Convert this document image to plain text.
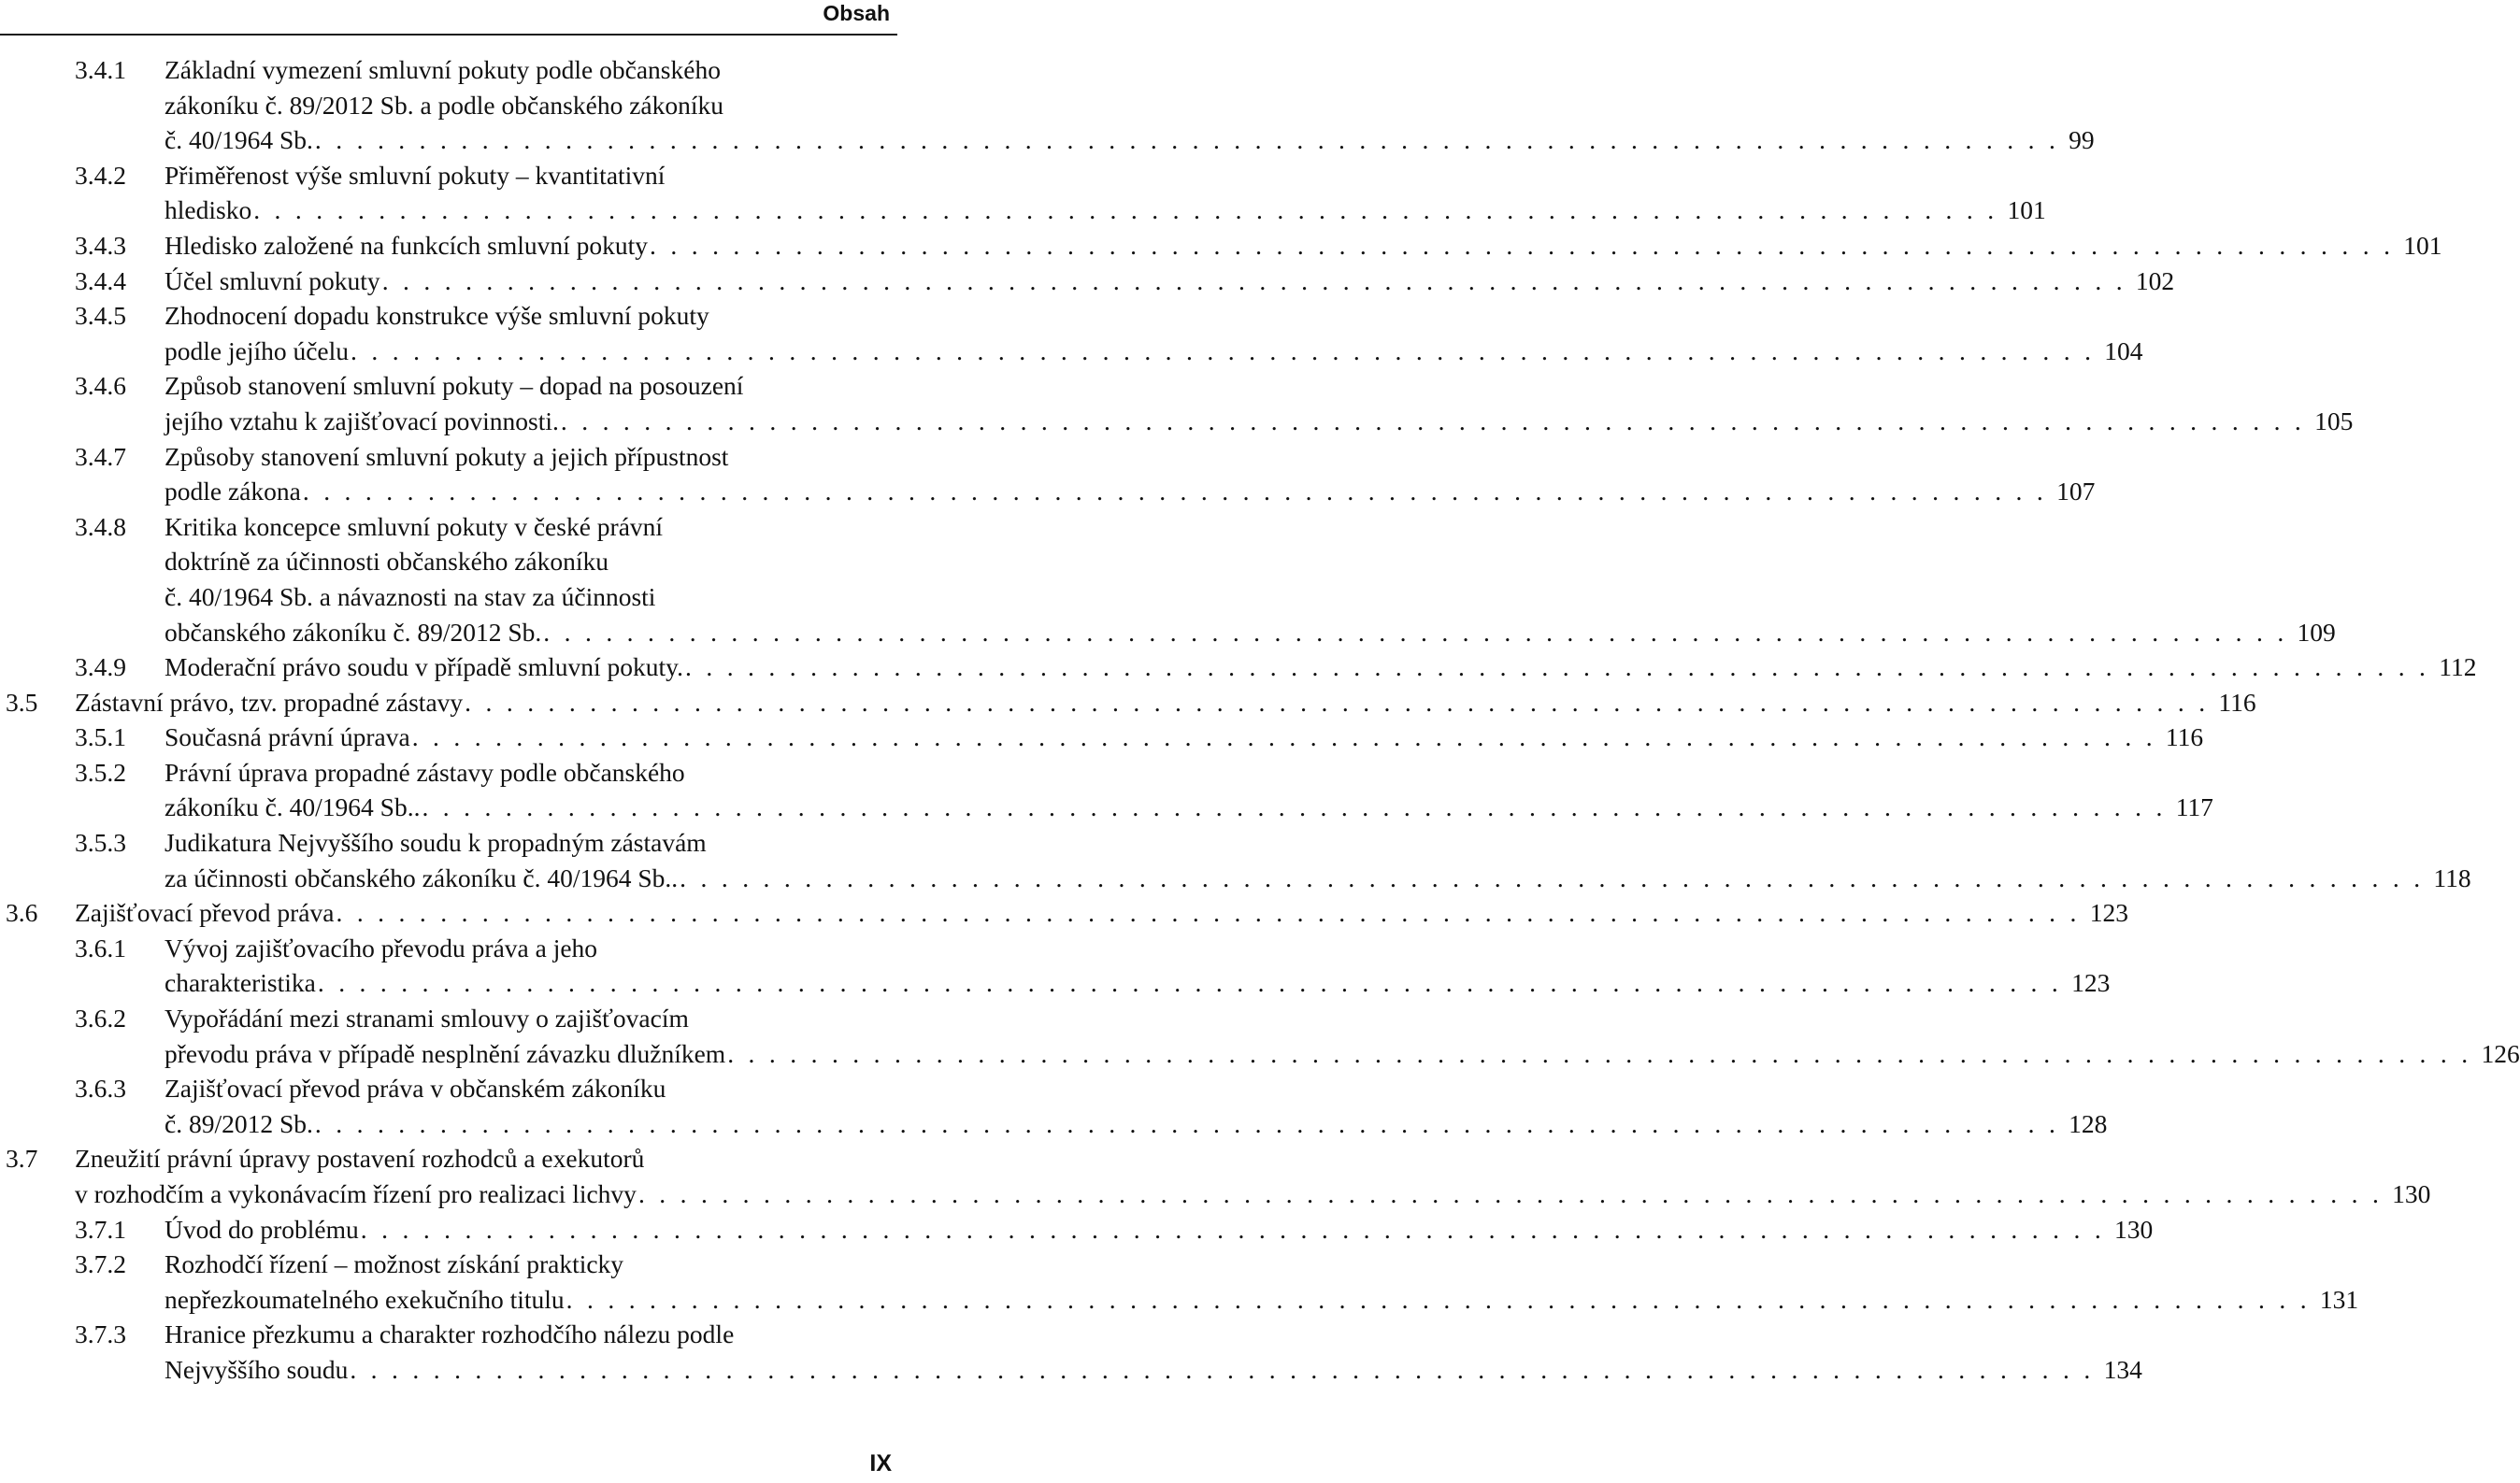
Obsah
3.4.1 Základní vymezení smluvní pokuty podle občanského
zákoníku č. 89/2012 Sb. a podle občanského zákoníku
č. 40/1964 Sb. . . . . . . . . . . . . . . . . . . . . . . . . . . . . . . . . . . . . . . . . . . . . . . . . . . . . . . . . . . . . . . . . . . . . . . . . . . . . . . . . . . . . 99
3.4.2 Přiměřenost výše smluvní pokuty – kvantitativní
hledisko . . . . . . . . . . . . . . . . . . . . . . . . . . . . . . . . . . . . . . . . . . . . . . . . . . . . . . . . . . . . . . . . . . . . . . . . . . . . . . . . . . . . 101
3.4.3 Hledisko založené na funkcích smluvní pokuty . . . . . . . . . . . . . . . . . . . . . . . . . . . . . . . . . . . . . . . . . . . . . . . . . . . . . . . . . . . . . . . . . . . . . . . . . . . . . . . . . . . . 101
3.4.4 Účel smluvní pokuty . . . . . . . . . . . . . . . . . . . . . . . . . . . . . . . . . . . . . . . . . . . . . . . . . . . . . . . . . . . . . . . . . . . . . . . . . . . . . . . . . . . . 102
3.4.5 Zhodnocení dopadu konstrukce výše smluvní pokuty
podle jejího účelu . . . . . . . . . . . . . . . . . . . . . . . . . . . . . . . . . . . . . . . . . . . . . . . . . . . . . . . . . . . . . . . . . . . . . . . . . . . . . . . . . . . . 104
3.4.6 Způsob stanovení smluvní pokuty – dopad na posouzení
jejího vztahu k zajišťovací povinnosti. . . . . . . . . . . . . . . . . . . . . . . . . . . . . . . . . . . . . . . . . . . . . . . . . . . . . . . . . . . . . . . . . . . . . . . . . . . . . . . . . . . . . 105
3.4.7 Způsoby stanovení smluvní pokuty a jejich přípustnost
podle zákona . . . . . . . . . . . . . . . . . . . . . . . . . . . . . . . . . . . . . . . . . . . . . . . . . . . . . . . . . . . . . . . . . . . . . . . . . . . . . . . . . . . . 107
3.4.8 Kritika koncepce smluvní pokuty v české právní
doktríně za účinnosti občanského zákoníku
č. 40/1964 Sb. a návaznosti na stav za účinnosti
občanského zákoníku č. 89/2012 Sb. . . . . . . . . . . . . . . . . . . . . . . . . . . . . . . . . . . . . . . . . . . . . . . . . . . . . . . . . . . . . . . . . . . . . . . . . . . . . . . . . . . . . 109
3.4.9 Moderační právo soudu v případě smluvní pokuty. . . . . . . . . . . . . . . . . . . . . . . . . . . . . . . . . . . . . . . . . . . . . . . . . . . . . . . . . . . . . . . . . . . . . . . . . . . . . . . . . . . . . 112
3.5 Zástavní právo, tzv. propadné zástavy . . . . . . . . . . . . . . . . . . . . . . . . . . . . . . . . . . . . . . . . . . . . . . . . . . . . . . . . . . . . . . . . . . . . . . . . . . . . . . . . . . . . 116
3.5.1 Současná právní úprava . . . . . . . . . . . . . . . . . . . . . . . . . . . . . . . . . . . . . . . . . . . . . . . . . . . . . . . . . . . . . . . . . . . . . . . . . . . . . . . . . . . . 116
3.5.2 Právní úprava propadné zástavy podle občanského
zákoníku č. 40/1964 Sb.. . . . . . . . . . . . . . . . . . . . . . . . . . . . . . . . . . . . . . . . . . . . . . . . . . . . . . . . . . . . . . . . . . . . . . . . . . . . . . . . . . . . . 117
3.5.3 Judikatura Nejvyššího soudu k propadným zástavám
za účinnosti občanského zákoníku č. 40/1964 Sb.. . . . . . . . . . . . . . . . . . . . . . . . . . . . . . . . . . . . . . . . . . . . . . . . . . . . . . . . . . . . . . . . . . . . . . . . . . . . . . . . . . . . . 118
3.6 Zajišťovací převod práva . . . . . . . . . . . . . . . . . . . . . . . . . . . . . . . . . . . . . . . . . . . . . . . . . . . . . . . . . . . . . . . . . . . . . . . . . . . . . . . . . . . . 123
3.6.1 Vývoj zajišťovacího převodu práva a jeho
charakteristika . . . . . . . . . . . . . . . . . . . . . . . . . . . . . . . . . . . . . . . . . . . . . . . . . . . . . . . . . . . . . . . . . . . . . . . . . . . . . . . . . . . . 123
3.6.2 Vypořádání mezi stranami smlouvy o zajišťovacím
převodu práva v případě nesplnění závazku dlužníkem . . . . . . . . . . . . . . . . . . . . . . . . . . . . . . . . . . . . . . . . . . . . . . . . . . . . . . . . . . . . . . . . . . . . . . . . . . . . . . . . . . . . 126
3.6.3 Zajišťovací převod práva v občanském zákoníku
č. 89/2012 Sb. . . . . . . . . . . . . . . . . . . . . . . . . . . . . . . . . . . . . . . . . . . . . . . . . . . . . . . . . . . . . . . . . . . . . . . . . . . . . . . . . . . . . 128
3.7 Zneužití právní úpravy postavení rozhodců a exekutorů
v rozhodčím a vykonávacím řízení pro realizaci lichvy . . . . . . . . . . . . . . . . . . . . . . . . . . . . . . . . . . . . . . . . . . . . . . . . . . . . . . . . . . . . . . . . . . . . . . . . . . . . . . . . . . . . 130
3.7.1 Úvod do problému . . . . . . . . . . . . . . . . . . . . . . . . . . . . . . . . . . . . . . . . . . . . . . . . . . . . . . . . . . . . . . . . . . . . . . . . . . . . . . . . . . . . 130
3.7.2 Rozhodčí řízení – možnost získání prakticky
nepřezkoumatelného exekučního titulu . . . . . . . . . . . . . . . . . . . . . . . . . . . . . . . . . . . . . . . . . . . . . . . . . . . . . . . . . . . . . . . . . . . . . . . . . . . . . . . . . . . . 131
3.7.3 Hranice přezkumu a charakter rozhodčího nálezu podle
Nejvyššího soudu . . . . . . . . . . . . . . . . . . . . . . . . . . . . . . . . . . . . . . . . . . . . . . . . . . . . . . . . . . . . . . . . . . . . . . . . . . . . . . . . . . . . 134
IX
